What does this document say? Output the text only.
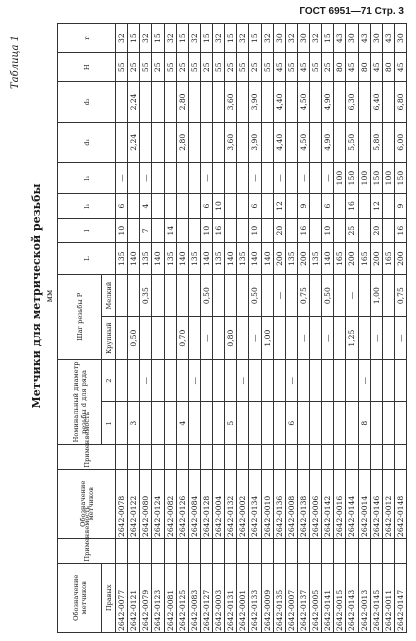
ГОСТ 6951—71 Стр. 3
Таблица 1
Метчики для метрической резьбы мм
Обозначение метчиков	Применяемость	Обозначение метчиков	Применяемость	Номинальный диаметр резьбы d для ряда		Шаг резьбы P		L	l	l₁	l₁	d₁	d₂	H	r
Правых				1	2	Крупный	Мелкий								
2642-0077		2642-0078						135	10	6	—			55	32
2642-0121		2642-0122		3		0,50		140				2,24	2,24	25	15
2642-0079		2642-0080			—		0,35	135	7	4	—			55	32
2642-0123		2642-0124						140						25	15
2642-0081		2642-0082						135	14					55	32
2642-0125		2642-0126		4		0,70		140				2,80	2,80	25	15
2642-0083		2642-0084			—			135						55	32
2642-0127		2642-0128				—	0,50	140	10	6	—			25	15
2642-0003		2642-0004						135	16	10				55	32
2642-0131		2642-0132		5		0,80		140				3,60	3,60	25	15
2642-0001		2642-0002			—			135						55	32
2642-0133		2642-0134				—	0,50	140	10	6	—	3,90	3,90	25	15
2642-0009		2642-0010				1,00		140						55	32
2642-0135		2642-0136					—	200	20	12	—	4,40	4,40	45	30
2642-0007		2642-0008		6	—			135						55	32
2642-0137		2642-0138				—	0,75	200	16	9	—	4,50	4,50	45	30
2642-0005		2642-0006						135						55	32
2642-0141		2642-0142				—	0,50	140	10	6	—	4,90	4,90	25	15
2642-0015		2642-0016						165			100			80	43
2642-0143		2642-0144				1,25	—	200	25	16	150	5,50	6,30	45	30
2642-0013		2642-0014		8	—			165			100			80	43
2642-0145		2642-0146				—	1,00	200	20	12	150	5,80	6,40	45	30
2642-0011		2642-0012						165			100			80	43
2642-0147		2642-0148				—	0,75	200	16	9	150	6,00	6,80	45	30
